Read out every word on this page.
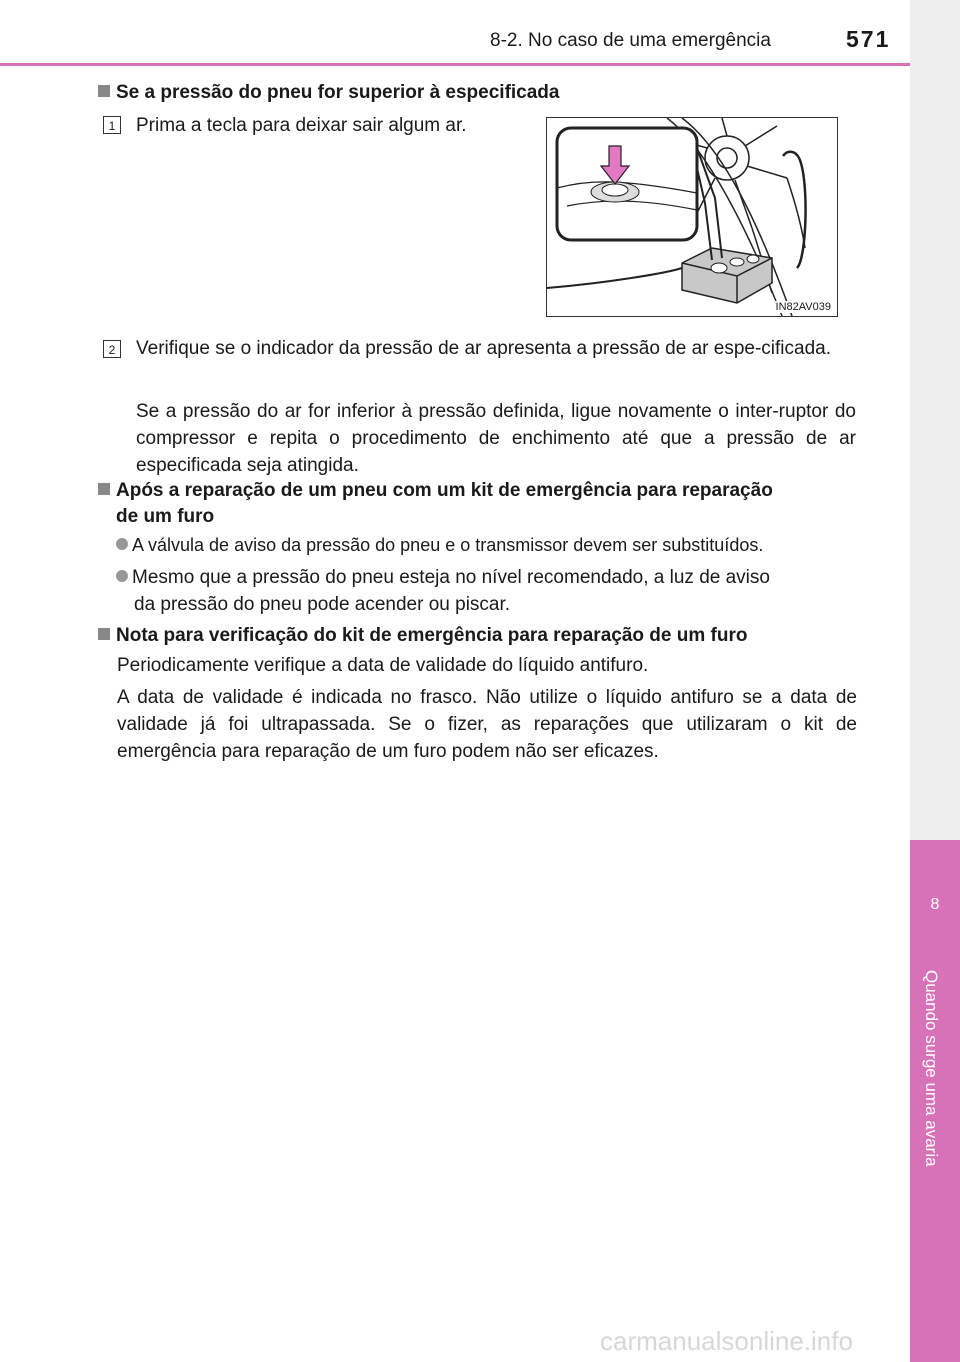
8-2. No caso de uma emergência	571
8
Quando surge uma avaria
Se a pressão do pneu for superior à especificada
1 Prima a tecla para deixar sair algum ar.
IN82AV039
2 Verifique se o indicador da pressão de ar apresenta a pressão de ar espe-cificada.
Se a pressão do ar for inferior à pressão definida, ligue novamente o inter-ruptor do compressor e repita o procedimento de enchimento até que a pressão de ar especificada seja atingida.
Após a reparação de um pneu com um kit de emergência para reparação
de um furo
A válvula de aviso da pressão do pneu e o transmissor devem ser substituídos.
Mesmo que a pressão do pneu esteja no nível recomendado, a luz de aviso
da pressão do pneu pode acender ou piscar.
Nota para verificação do kit de emergência para reparação de um furo
Periodicamente verifique a data de validade do líquido antifuro.
A data de validade é indicada no frasco. Não utilize o líquido antifuro se a data de validade já foi ultrapassada. Se o fizer, as reparações que utilizaram o kit de emergência para reparação de um furo podem não ser eficazes.
carmanualsonline.info
